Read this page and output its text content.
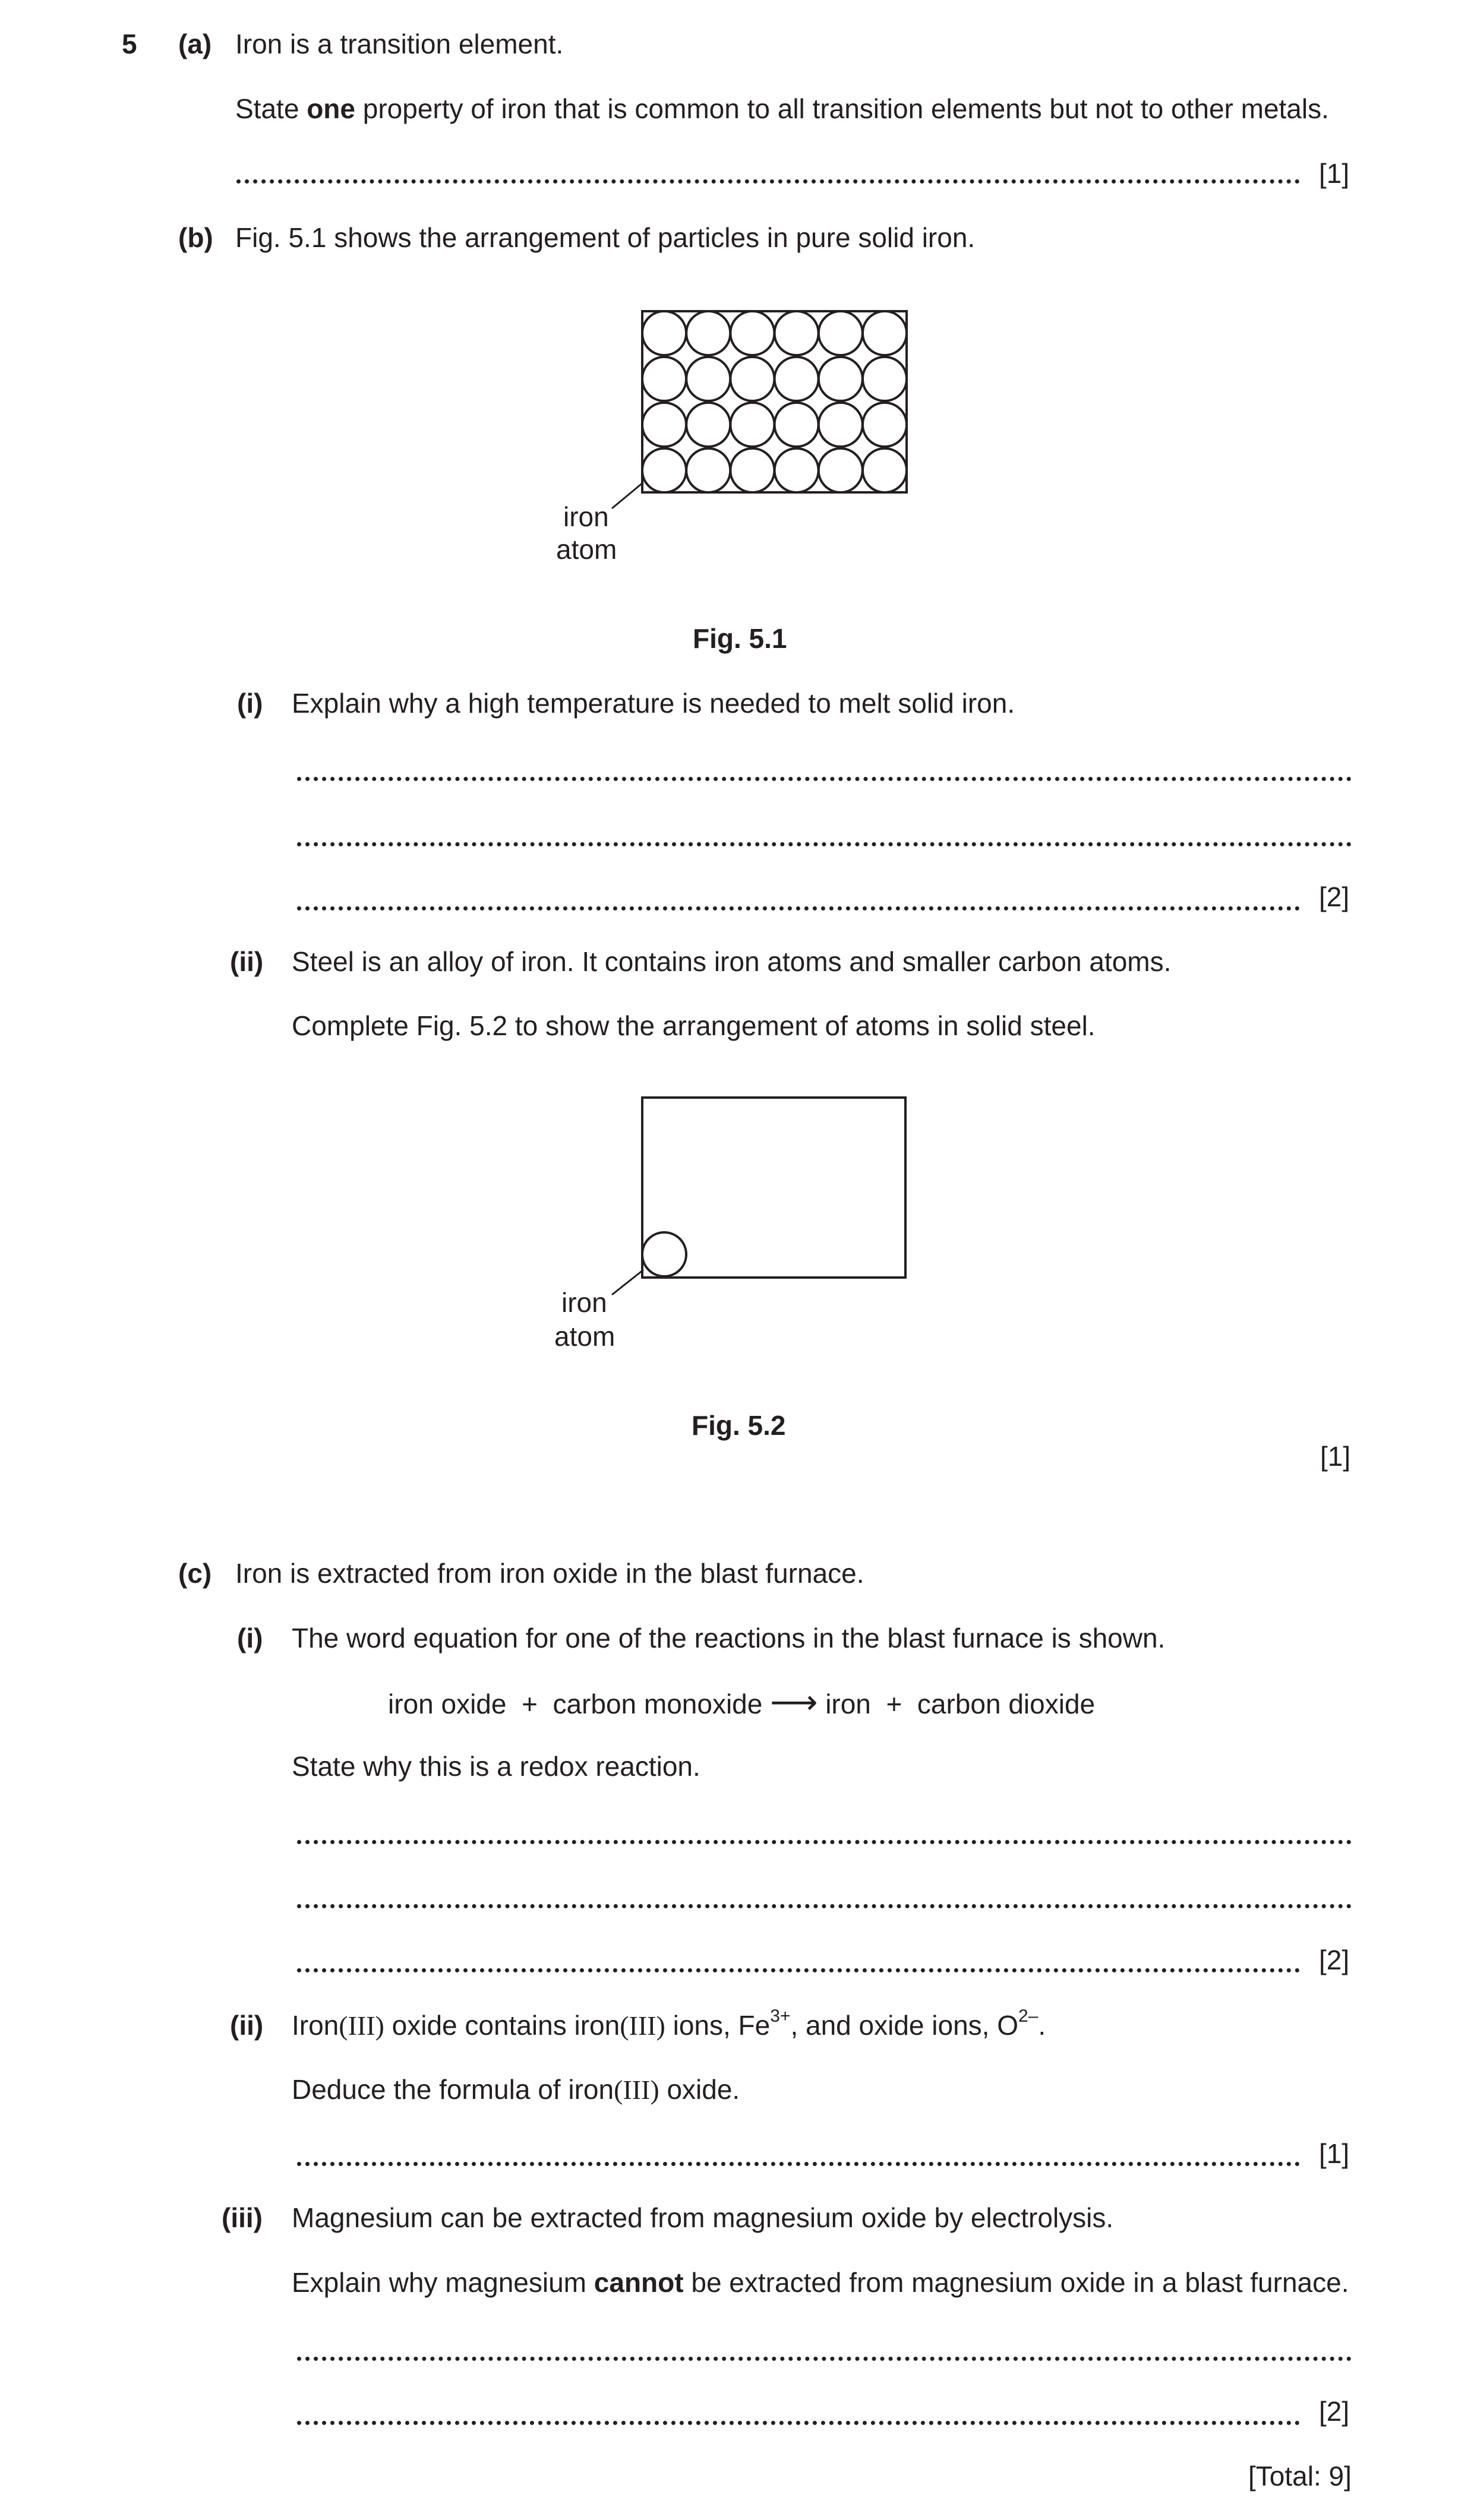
5 (a) Iron is a transition element.
State one property of iron that is common to all transition elements but not to other metals.
[1]
(b) Fig. 5.1 shows the arrangement of particles in pure solid iron.
iron
atom
Fig. 5.1
(i) Explain why a high temperature is needed to melt solid iron.
[2]
(ii) Steel is an alloy of iron. It contains iron atoms and smaller carbon atoms.
Complete Fig. 5.2 to show the arrangement of atoms in solid steel.
iron
atom
Fig. 5.2
[1]
(c) Iron is extracted from iron oxide in the blast furnace.
(i) The word equation for one of the reactions in the blast furnace is shown.
iron oxide + carbon monoxide ⟶ iron + carbon dioxide
State why this is a redox reaction.
[2]
(ii) Iron(III) oxide contains iron(III) ions, $Fe^{3+}$, and oxide ions, $O^{2-}$.
Deduce the formula of iron(III) oxide.
[1]
(iii) Magnesium can be extracted from magnesium oxide by electrolysis.
Explain why magnesium cannot be extracted from magnesium oxide in a blast furnace.
[2]
[Total: 9]
